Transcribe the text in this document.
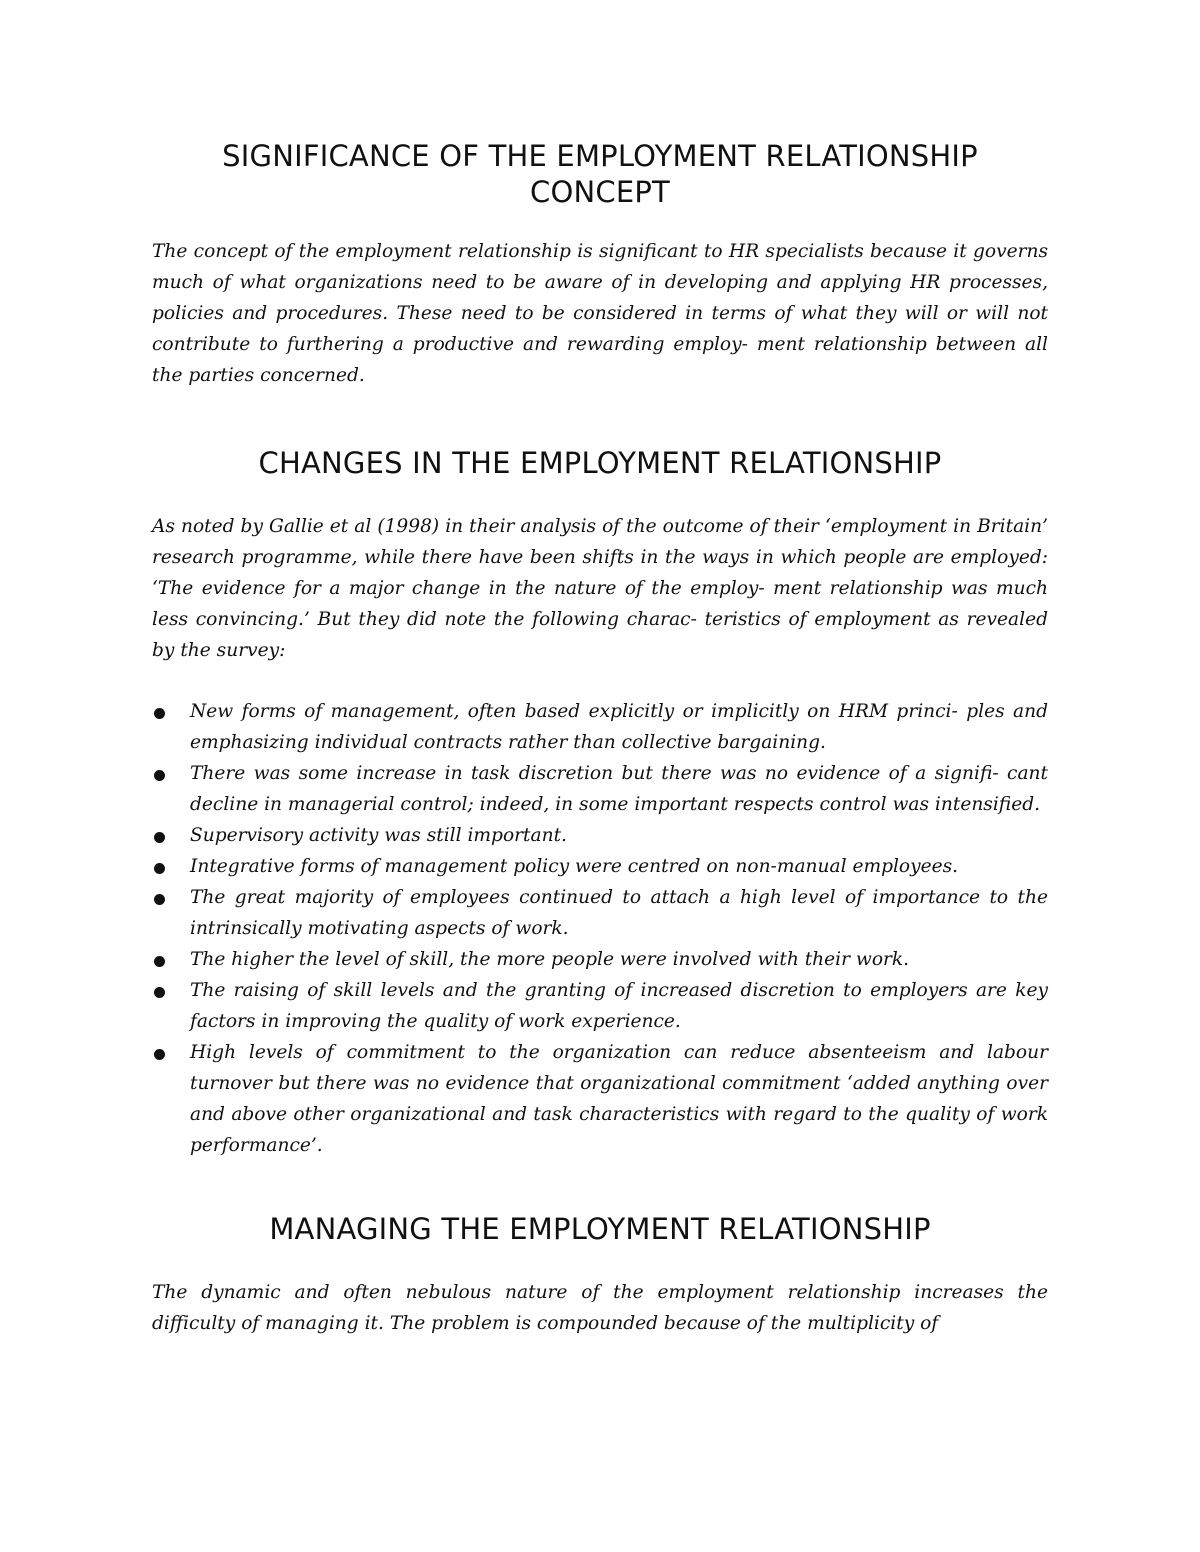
SIGNIFICANCE OF THE EMPLOYMENT RELATIONSHIP
CONCEPT

The concept of the employment relationship is significant to HR specialists because it governs much of what organizations need to be aware of in developing and applying HR processes, policies and procedures. These need to be considered in terms of what they will or will not contribute to furthering a productive and rewarding employ- ment relationship between all the parties concerned.

CHANGES IN THE EMPLOYMENT RELATIONSHIP

As noted by Gallie et al (1998) in their analysis of the outcome of their ‘employment in Britain’ research programme, while there have been shifts in the ways in which people are employed: ‘The evidence for a major change in the nature of the employ- ment relationship was much less convincing.’ But they did note the following charac- teristics of employment as revealed by the survey:

New forms of management, often based explicitly or implicitly on HRM princi- ples and emphasizing individual contracts rather than collective bargaining.
There was some increase in task discretion but there was no evidence of a signifi- cant decline in managerial control; indeed, in some important respects control was intensified.
Supervisory activity was still important.
Integrative forms of management policy were centred on non-manual employees.
The great majority of employees continued to attach a high level of importance to the intrinsically motivating aspects of work.
The higher the level of skill, the more people were involved with their work.
The raising of skill levels and the granting of increased discretion to employers are key factors in improving the quality of work experience.
High levels of commitment to the organization can reduce absenteeism and labour turnover but there was no evidence that organizational commitment ‘added anything over and above other organizational and task characteristics with regard to the quality of work performance’.
MANAGING THE EMPLOYMENT RELATIONSHIP

The dynamic and often nebulous nature of the employment relationship increases the difficulty of managing it. The problem is compounded because of the multiplicity of
